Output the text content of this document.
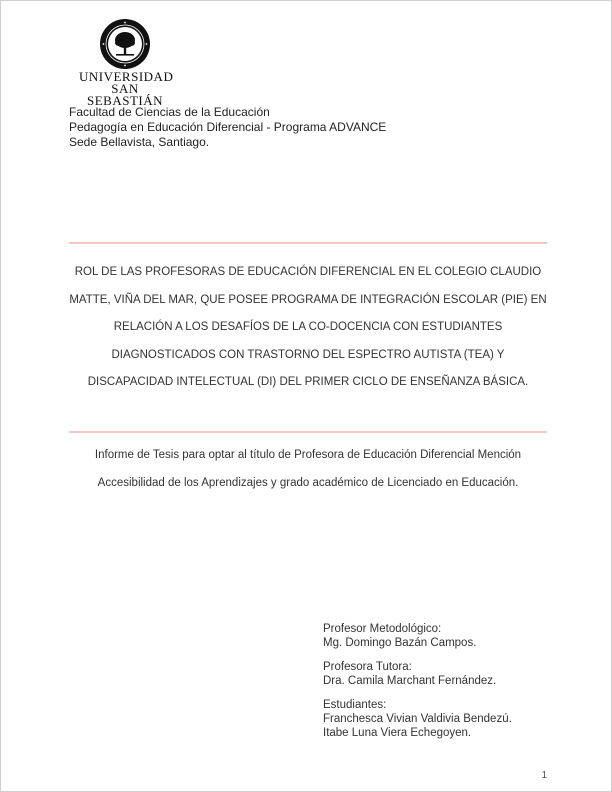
UNIVERSIDAD
SAN SEBASTIÁN
Facultad de Ciencias de la Educación
Pedagogía en Educación Diferencial - Programa ADVANCE
Sede Bellavista, Santiago.
ROL DE LAS PROFESORAS DE EDUCACIÓN DIFERENCIAL EN EL COLEGIO CLAUDIO MATTE, VIÑA DEL MAR, QUE POSEE PROGRAMA DE INTEGRACIÓN ESCOLAR (PIE) EN RELACIÓN A LOS DESAFÍOS DE LA CO-DOCENCIA CON ESTUDIANTES DIAGNOSTICADOS CON TRASTORNO DEL ESPECTRO AUTISTA (TEA) Y DISCAPACIDAD INTELECTUAL (DI) DEL PRIMER CICLO DE ENSEÑANZA BÁSICA.
Informe de Tesis para optar al título de Profesora de Educación Diferencial Mención Accesibilidad de los Aprendizajes y grado académico de Licenciado en Educación.
Profesor Metodológico:
Mg. Domingo Bazán Campos.
Profesora Tutora:
Dra. Camila Marchant Fernández.
Estudiantes:
Franchesca Vivian Valdivia Bendezú.
Itabe Luna Viera Echegoyen.
1
